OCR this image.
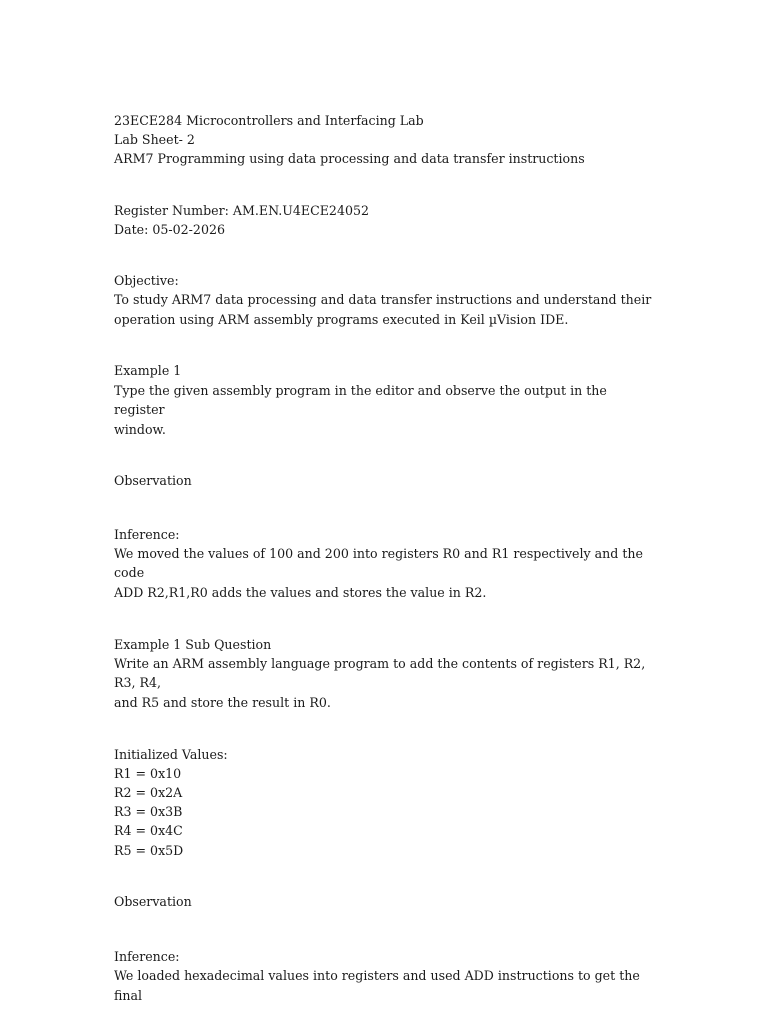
23ECE284 Microcontrollers and Interfacing Lab
Lab Sheet- 2
ARM7 Programming using data processing and data transfer instructions
Register Number: AM.EN.U4ECE24052
Date: 05-02-2026
Objective:
To study ARM7 data processing and data transfer instructions and understand their
operation using ARM assembly programs executed in Keil µVision IDE.
Example 1
Type the given assembly program in the editor and observe the output in the register
window.
Observation
Inference:
We moved the values of 100 and 200 into registers R0 and R1 respectively and the code
ADD R2,R1,R0 adds the values and stores the value in R2.
Example 1 Sub Question
Write an ARM assembly language program to add the contents of registers R1, R2, R3, R4,
and R5 and store the result in R0.
Initialized Values:
R1 = 0x10
R2 = 0x2A
R3 = 0x3B
R4 = 0x4C
R5 = 0x5D
Observation
Inference:
We loaded hexadecimal values into registers and used ADD instructions to get the final
